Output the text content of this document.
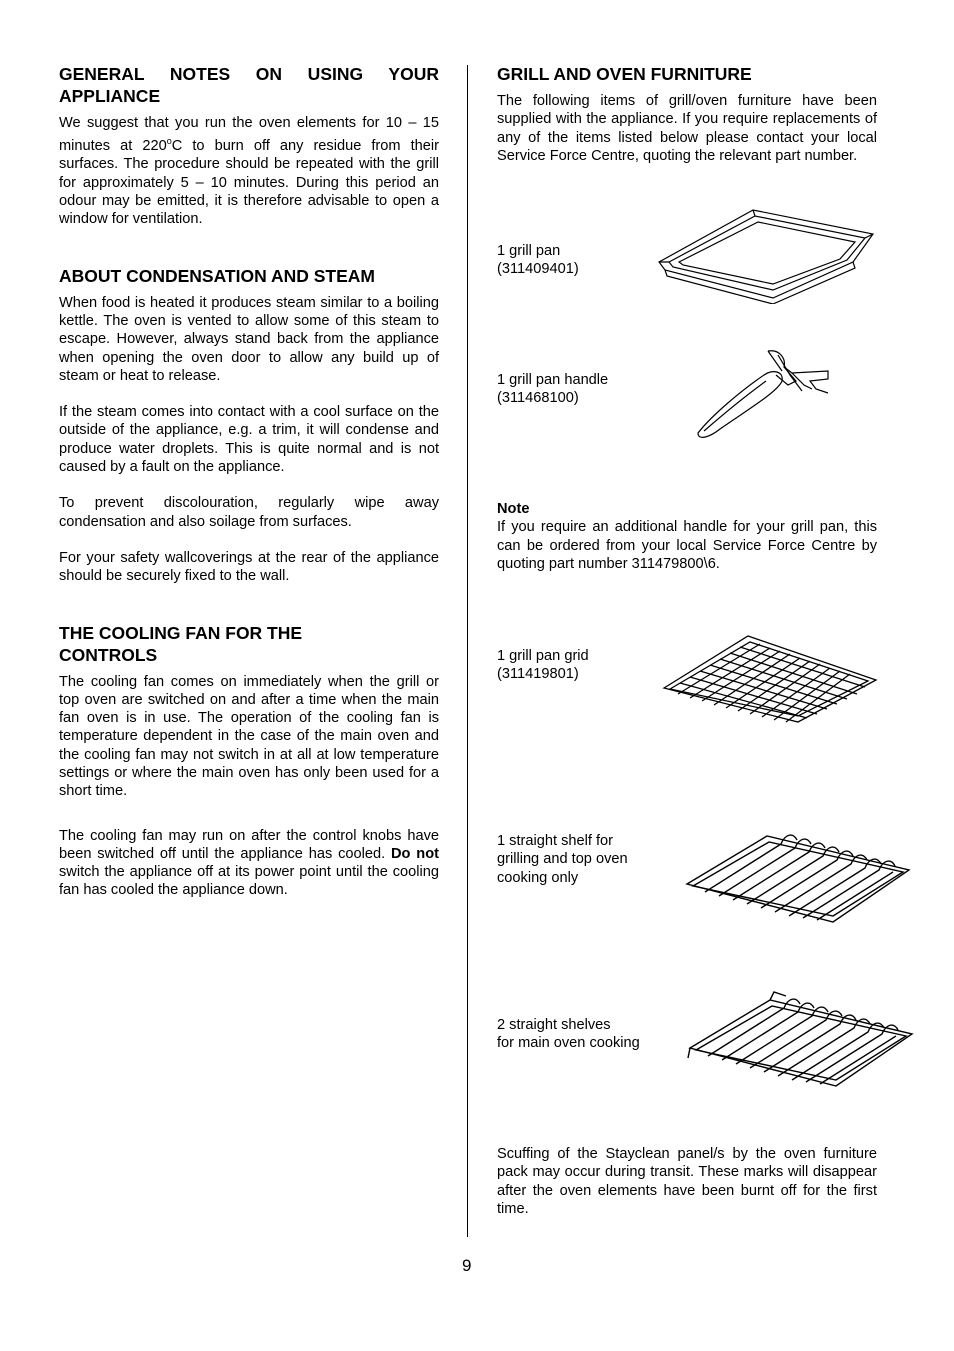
GENERAL NOTES ON USING YOUR
APPLIANCE

We suggest that you run the oven elements for 10 – 15 minutes at 220$^o$C to burn off any residue from their surfaces. The procedure should be repeated with the grill for approximately 5 – 10 minutes. During this period an odour may be emitted, it is therefore advisable to open a window for ventilation.

ABOUT CONDENSATION AND STEAM

When food is heated it produces steam similar to a boiling kettle. The oven is vented to allow some of this steam to escape. However, always stand back from the appliance when opening the oven door to allow any build up of steam or heat to release.

If the steam comes into contact with a cool surface on the outside of the appliance, e.g. a trim, it will condense and produce water droplets. This is quite normal and is not caused by a fault on the appliance.

To prevent discolouration, regularly wipe away condensation and also soilage from surfaces.

For your safety wallcoverings at the rear of the appliance should be securely fixed to the wall.

THE COOLING FAN FOR THE
CONTROLS

The cooling fan comes on immediately when the grill or top oven are switched on and after a time when the main fan oven is in use. The operation of the cooling fan is temperature dependent in the case of the main oven and the cooling fan may not switch in at all at low temperature settings or where the main oven has only been used for a short time.

The cooling fan may run on after the control knobs have been switched off until the appliance has cooled. Do not switch the appliance off at its power point until the cooling fan has cooled the appliance down.

GRILL AND OVEN FURNITURE

The following items of grill/oven furniture have been supplied with the appliance. If you require replacements of any of the items listed below please contact your local Service Force Centre, quoting the relevant part number.

1 grill pan
(311409401)
1 grill pan handle
(311468100)
Note

If you require an additional handle for your grill pan, this can be ordered from your local Service Force Centre by quoting part number 311479800\6.

1 grill pan grid
(311419801)
1 straight shelf for
grilling and top oven
cooking only
2 straight shelves
for main oven cooking

Scuffing of the Stayclean panel/s by the oven furniture pack may occur during transit. These marks will disappear after the oven elements have been burnt off for the first time.

9
